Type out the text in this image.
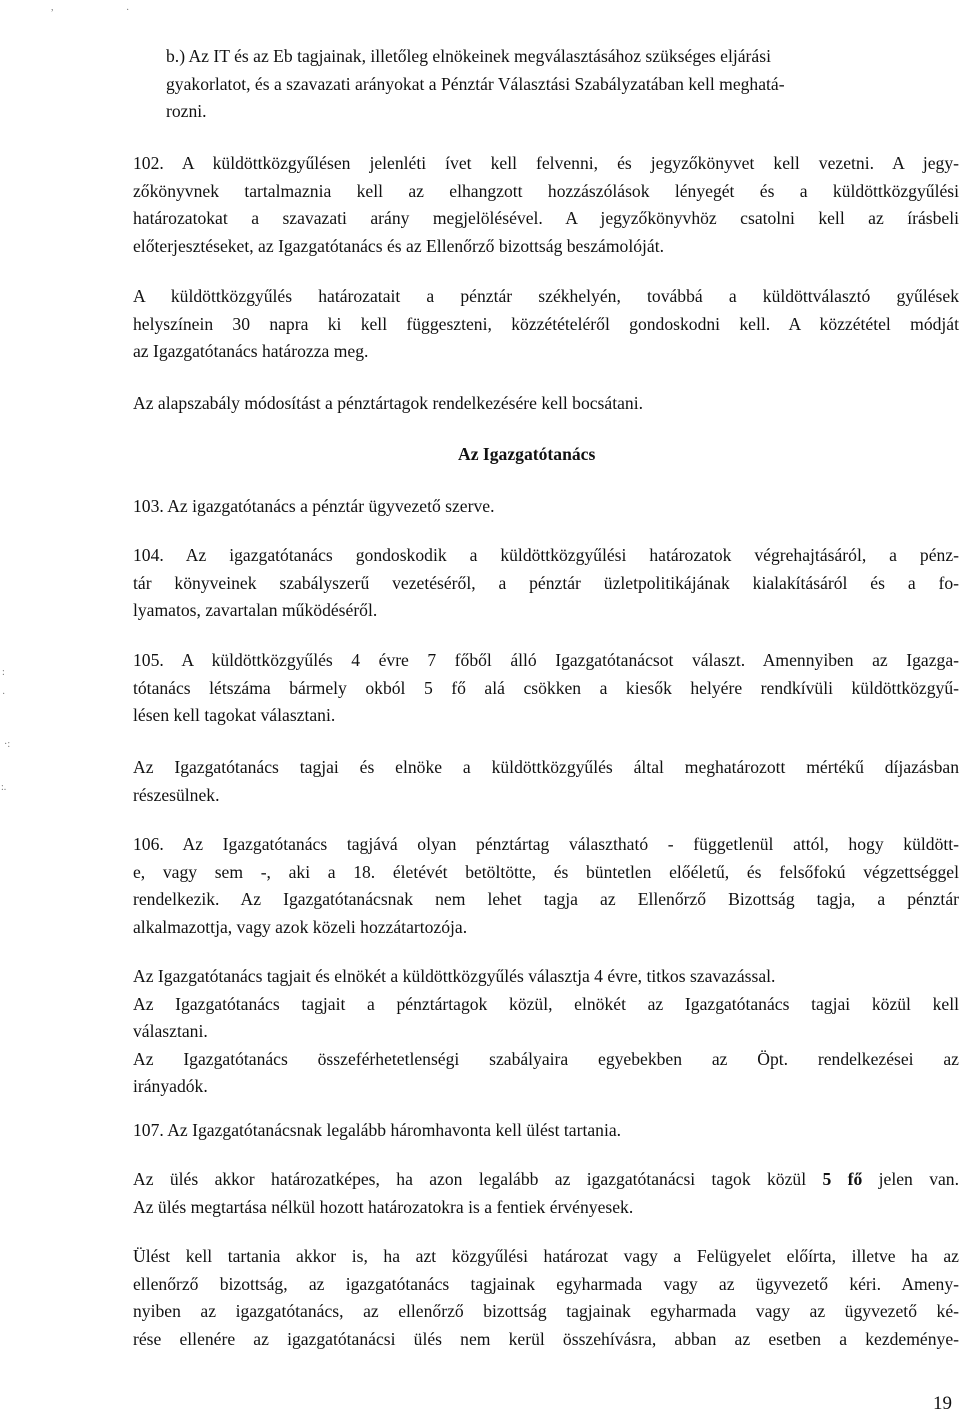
,	·
:
·
·:
:.

b.) Az IT és az Eb tagjainak, illetőleg elnökeinek megválasztásához szükséges eljárási
gyakorlatot, és a szavazati arányokat a Pénztár Választási Szabályzatában kell meghatá-
rozni.

102. A küldöttközgyűlésen jelenléti ívet kell felvenni, és jegyzőkönyvet kell vezetni. A jegy-
zőkönyvnek tartalmaznia kell az elhangzott hozzászólások lényegét és a küldöttközgyűlési
határozatokat a szavazati arány megjelölésével. A jegyzőkönyvhöz csatolni kell az írásbeli
előterjesztéseket, az Igazgatótanács és az Ellenőrző bizottság beszámolóját.

A küldöttközgyűlés határozatait a pénztár székhelyén, továbbá a küldöttválasztó gyűlések
helyszínein 30 napra ki kell függeszteni, közzétételéről gondoskodni kell. A közzététel módját
az Igazgatótanács határozza meg.

Az alapszabály módosítást a pénztártagok rendelkezésére kell bocsátani.

Az Igazgatótanács

103. Az igazgatótanács a pénztár ügyvezető szerve.

104. Az igazgatótanács gondoskodik a küldöttközgyűlési határozatok végrehajtásáról, a pénz-
tár könyveinek szabályszerű vezetéséről, a pénztár üzletpolitikájának kialakításáról és a fo-
lyamatos, zavartalan működéséről.

105. A küldöttközgyűlés 4 évre 7 főből álló Igazgatótanácsot választ. Amennyiben az Igazga-
tótanács létszáma bármely okból 5 fő alá csökken a kiesők helyére rendkívüli küldöttközgyű-
lésen kell tagokat választani.

Az Igazgatótanács tagjai és elnöke a küldöttközgyűlés által meghatározott mértékű díjazásban
részesülnek.

106. Az Igazgatótanács tagjává olyan pénztártag választható - függetlenül attól, hogy küldött-
e, vagy sem -, aki a 18. életévét betöltötte, és büntetlen előéletű, és felsőfokú végzettséggel
rendelkezik. Az Igazgatótanácsnak nem lehet tagja az Ellenőrző Bizottság tagja, a pénztár
alkalmazottja, vagy azok közeli hozzátartozója.

Az Igazgatótanács tagjait és elnökét a küldöttközgyűlés választja 4 évre, titkos szavazással.
Az Igazgatótanács tagjait a pénztártagok közül, elnökét az Igazgatótanács tagjai közül kell
választani.
Az Igazgatótanács összeférhetetlenségi szabályaira egyebekben az Öpt. rendelkezései az
irányadók.

107. Az Igazgatótanácsnak legalább háromhavonta kell ülést tartania.

Az ülés akkor határozatképes, ha azon legalább az igazgatótanácsi tagok közül 5 fő jelen van.
Az ülés megtartása nélkül hozott határozatokra is a fentiek érvényesek.

Ülést kell tartania akkor is, ha azt közgyűlési határozat vagy a Felügyelet előírta, illetve ha az
ellenőrző bizottság, az igazgatótanács tagjainak egyharmada vagy az ügyvezető kéri. Ameny-
nyiben az igazgatótanács, az ellenőrző bizottság tagjainak egyharmada vagy az ügyvezető ké-
rése ellenére az igazgatótanácsi ülés nem kerül összehívásra, abban az esetben a kezdeménye-

19
